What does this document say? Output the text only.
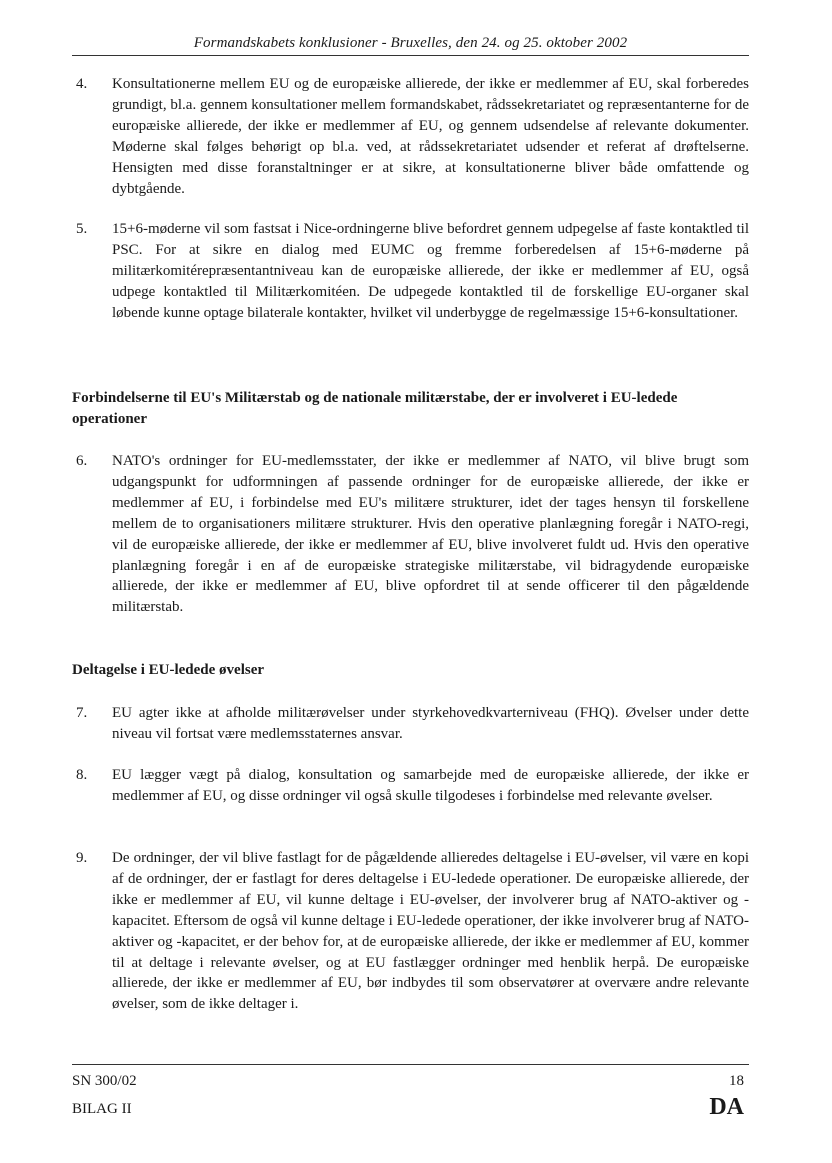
Formandskabets konklusioner - Bruxelles, den 24. og 25. oktober 2002
4. Konsultationerne mellem EU og de europæiske allierede, der ikke er medlemmer af EU, skal forberedes grundigt, bl.a. gennem konsultationer mellem formandskabet, rådssekretariatet og repræsentanterne for de europæiske allierede, der ikke er medlemmer af EU, og gennem udsendelse af relevante dokumenter. Møderne skal følges behørigt op bl.a. ved, at rådssekretariatet udsender et referat af drøftelserne. Hensigten med disse foranstaltninger er at sikre, at konsultationerne bliver både omfattende og dybtgående.
5. 15+6-møderne vil som fastsat i Nice-ordningerne blive befordret gennem udpegelse af faste kontaktled til PSC. For at sikre en dialog med EUMC og fremme forberedelsen af 15+6-møderne på militærkomitérepræsentantniveau kan de europæiske allierede, der ikke er medlemmer af EU, også udpege kontaktled til Militærkomitéen. De udpegede kontaktled til de forskellige EU-organer skal løbende kunne optage bilaterale kontakter, hvilket vil underbygge de regelmæssige 15+6-konsultationer.
Forbindelserne til EU's Militærstab og de nationale militærstabe, der er involveret i EU-ledede operationer
6. NATO's ordninger for EU-medlemsstater, der ikke er medlemmer af NATO, vil blive brugt som udgangspunkt for udformningen af passende ordninger for de europæiske allierede, der ikke er medlemmer af EU, i forbindelse med EU's militære strukturer, idet der tages hensyn til forskellene mellem de to organisationers militære strukturer. Hvis den operative planlægning foregår i NATO-regi, vil de europæiske allierede, der ikke er medlemmer af EU, blive involveret fuldt ud. Hvis den operative planlægning foregår i en af de europæiske strategiske militærstabe, vil bidragydende europæiske allierede, der ikke er medlemmer af EU, blive opfordret til at sende officerer til den pågældende militærstab.
Deltagelse i EU-ledede øvelser
7. EU agter ikke at afholde militærøvelser under styrkehovedkvarterniveau (FHQ). Øvelser under dette niveau vil fortsat være medlemsstaternes ansvar.
8. EU lægger vægt på dialog, konsultation og samarbejde med de europæiske allierede, der ikke er medlemmer af EU, og disse ordninger vil også skulle tilgodeses i forbindelse med relevante øvelser.
9. De ordninger, der vil blive fastlagt for de pågældende allieredes deltagelse i EU-øvelser, vil være en kopi af de ordninger, der er fastlagt for deres deltagelse i EU-ledede operationer. De europæiske allierede, der ikke er medlemmer af EU, vil kunne deltage i EU-øvelser, der involverer brug af NATO-aktiver og -kapacitet. Eftersom de også vil kunne deltage i EU-ledede operationer, der ikke involverer brug af NATO-aktiver og -kapacitet, er der behov for, at de europæiske allierede, der ikke er medlemmer af EU, kommer til at deltage i relevante øvelser, og at EU fastlægger ordninger med henblik herpå. De europæiske allierede, der ikke er medlemmer af EU, bør indbydes til som observatører at overvære andre relevante øvelser, som de ikke deltager i.
SN 300/02
BILAG II
18
DA
